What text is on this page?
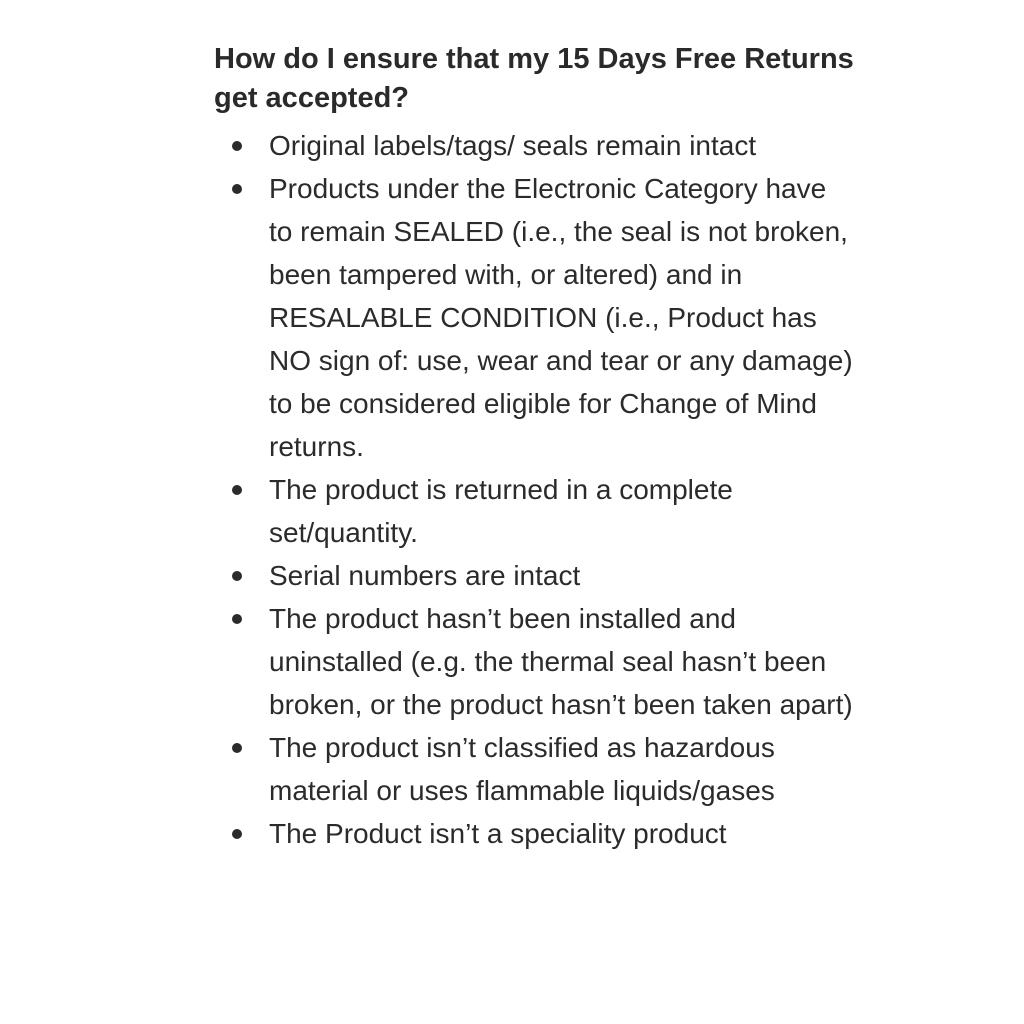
How do I ensure that my 15 Days Free Returns get accepted?
Original labels/tags/ seals remain intact
Products under the Electronic Category have to remain SEALED (i.e., the seal is not broken, been tampered with, or altered) and in RESALABLE CONDITION (i.e., Product has NO sign of: use, wear and tear or any damage) to be considered eligible for Change of Mind returns.
The product is returned in a complete set/quantity.
Serial numbers are intact
The product hasn’t been installed and uninstalled (e.g. the thermal seal hasn’t been broken, or the product hasn’t been taken apart)
The product isn’t classified as hazardous material or uses flammable liquids/gases
The Product isn’t a speciality product
